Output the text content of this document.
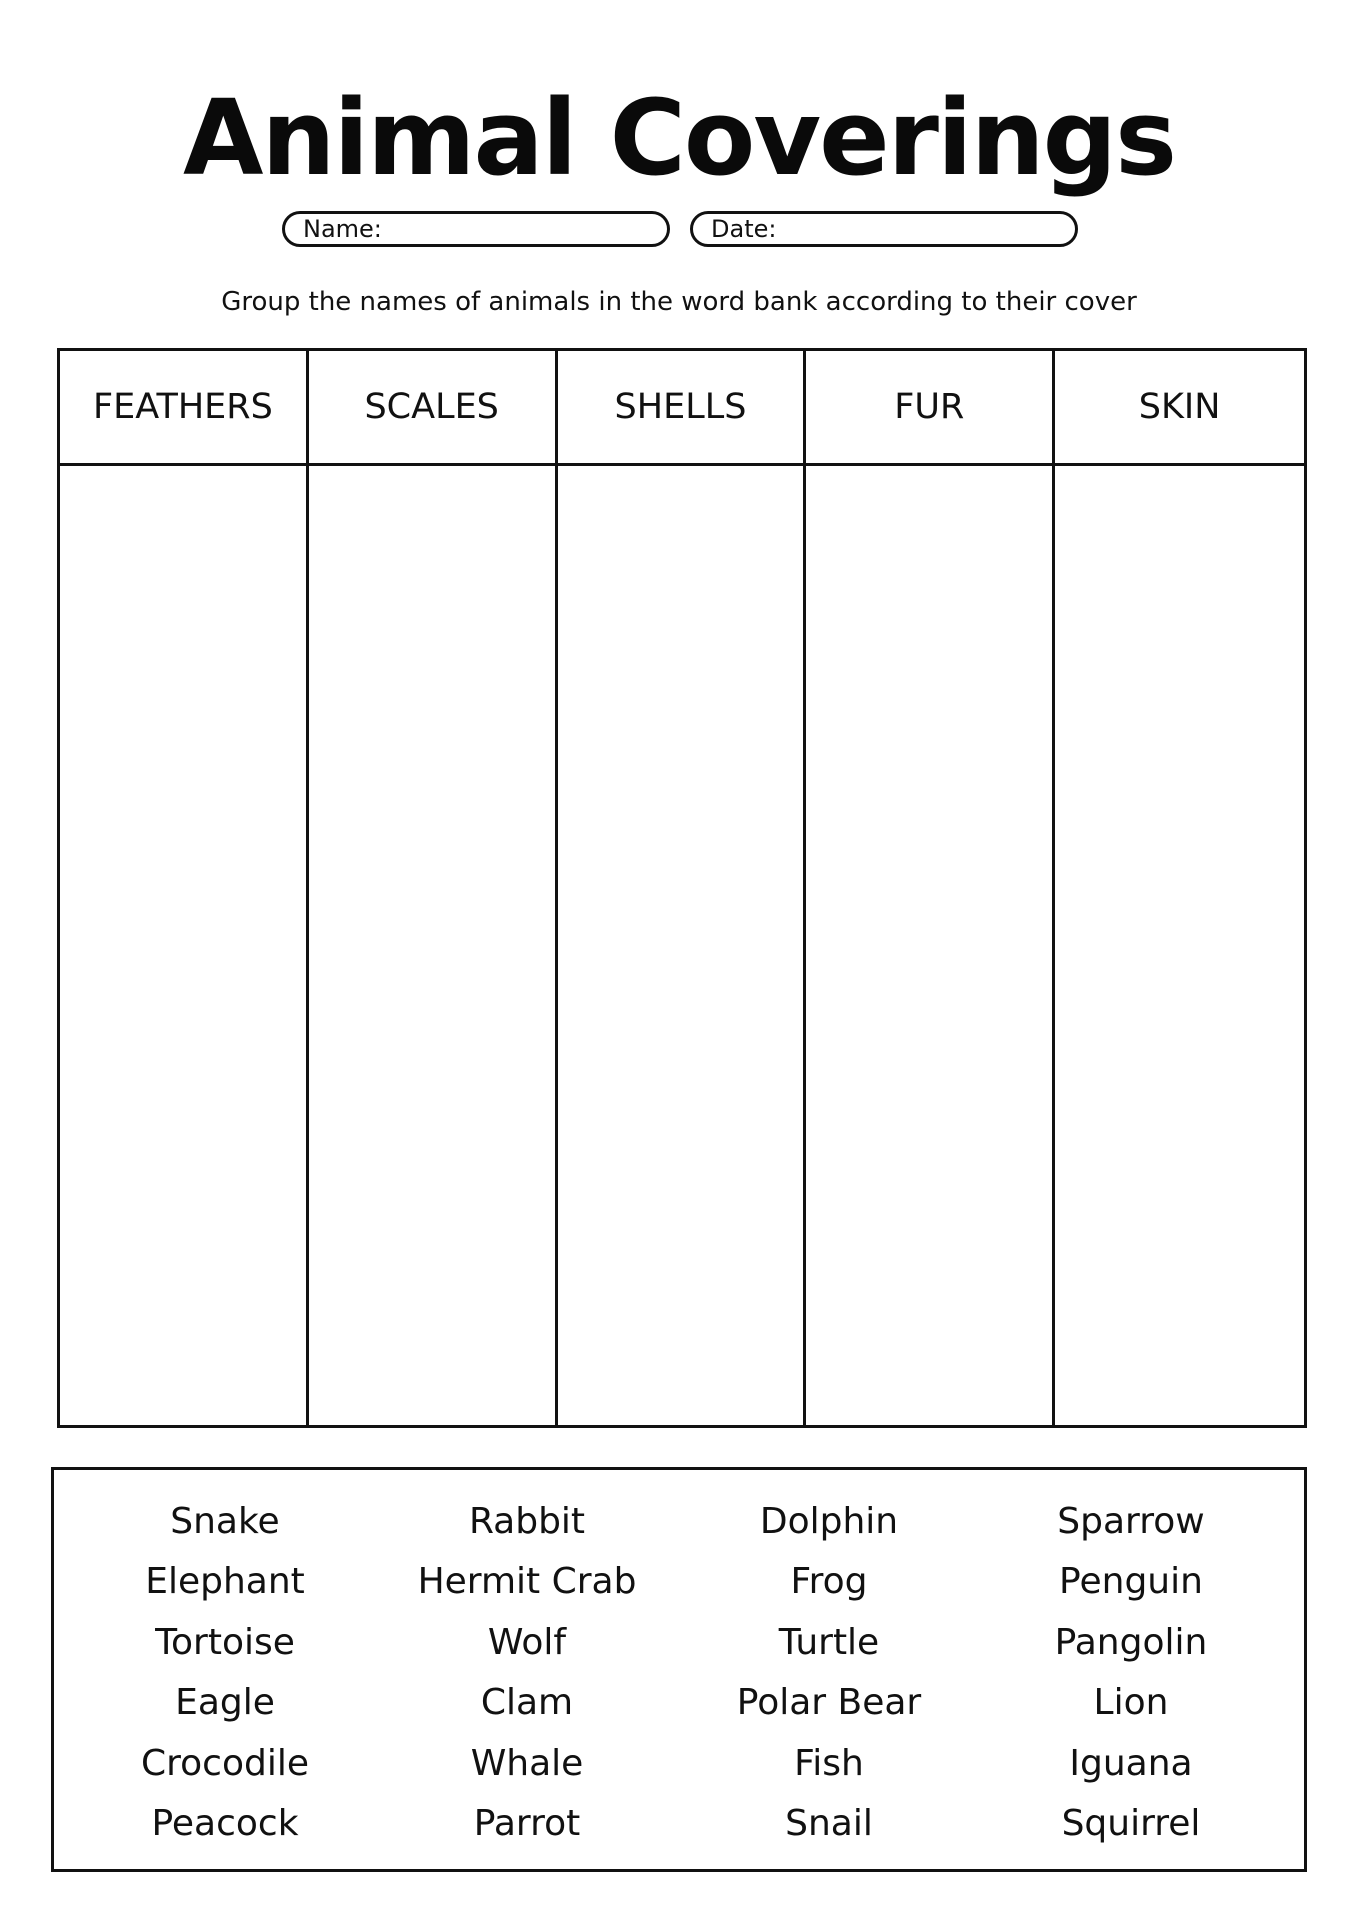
Animal Coverings
Name:	Date:
Group the names of animals in the word bank according to their cover
FEATHERS	SCALES	SHELLS	FUR	SKIN
Snake	Rabbit	Dolphin	Sparrow
Elephant	Hermit Crab	Frog	Penguin
Tortoise	Wolf	Turtle	Pangolin
Eagle	Clam	Polar Bear	Lion
Crocodile	Whale	Fish	Iguana
Peacock	Parrot	Snail	Squirrel
